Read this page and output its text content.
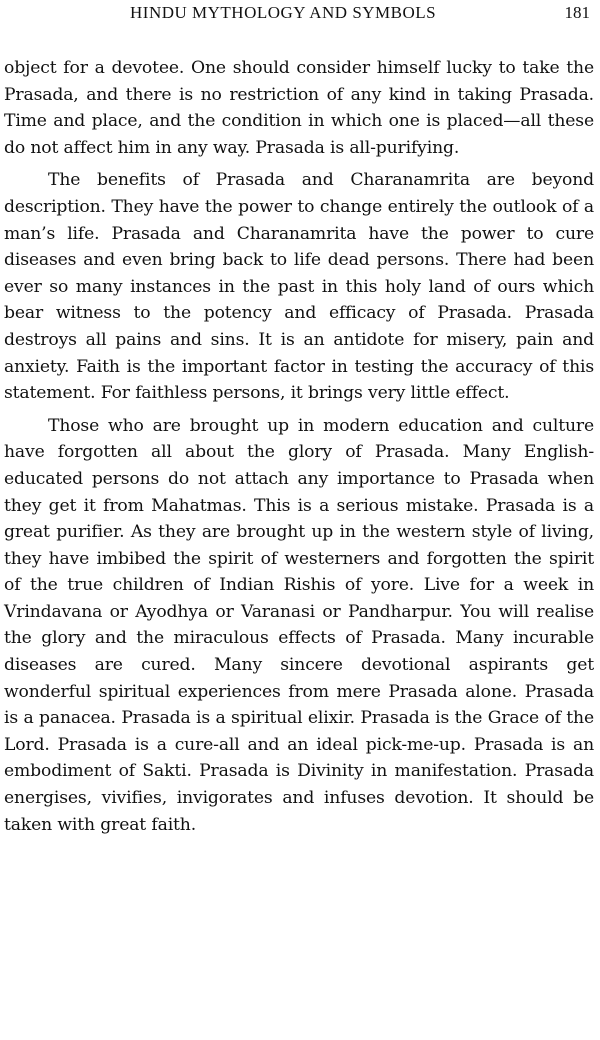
HINDU MYTHOLOGY AND SYMBOLS	181

object for a devotee. One should consider himself lucky to take the Prasada, and there is no restriction of any kind in taking Prasada. Time and place, and the condition in which one is placed—all these do not affect him in any way. Prasada is all-purifying.

The benefits of Prasada and Charanamrita are beyond description. They have the power to change entirely the outlook of a man’s life. Prasada and Charanamrita have the power to cure diseases and even bring back to life dead persons. There had been ever so many instances in the past in this holy land of ours which bear witness to the potency and efficacy of Prasada. Prasada destroys all pains and sins. It is an antidote for misery, pain and anxiety. Faith is the important factor in testing the accuracy of this statement. For faithless persons, it brings very little effect.

Those who are brought up in modern education and culture have forgotten all about the glory of Prasada. Many English-educated persons do not attach any importance to Prasada when they get it from Mahatmas. This is a serious mistake. Prasada is a great purifier. As they are brought up in the western style of living, they have imbibed the spirit of westerners and forgotten the spirit of the true children of Indian Rishis of yore. Live for a week in Vrindavana or Ayodhya or Varanasi or Pandharpur. You will realise the glory and the miraculous effects of Prasada. Many incurable diseases are cured. Many sincere devotional aspirants get wonderful spiritual experiences from mere Prasada alone. Prasada is a panacea. Prasada is a spiritual elixir. Prasada is the Grace of the Lord. Prasada is a cure-all and an ideal pick-me-up. Prasada is an embodiment of Sakti. Prasada is Divinity in manifestation. Prasada energises, vivifies, invigorates and infuses devotion. It should be taken with great faith.
